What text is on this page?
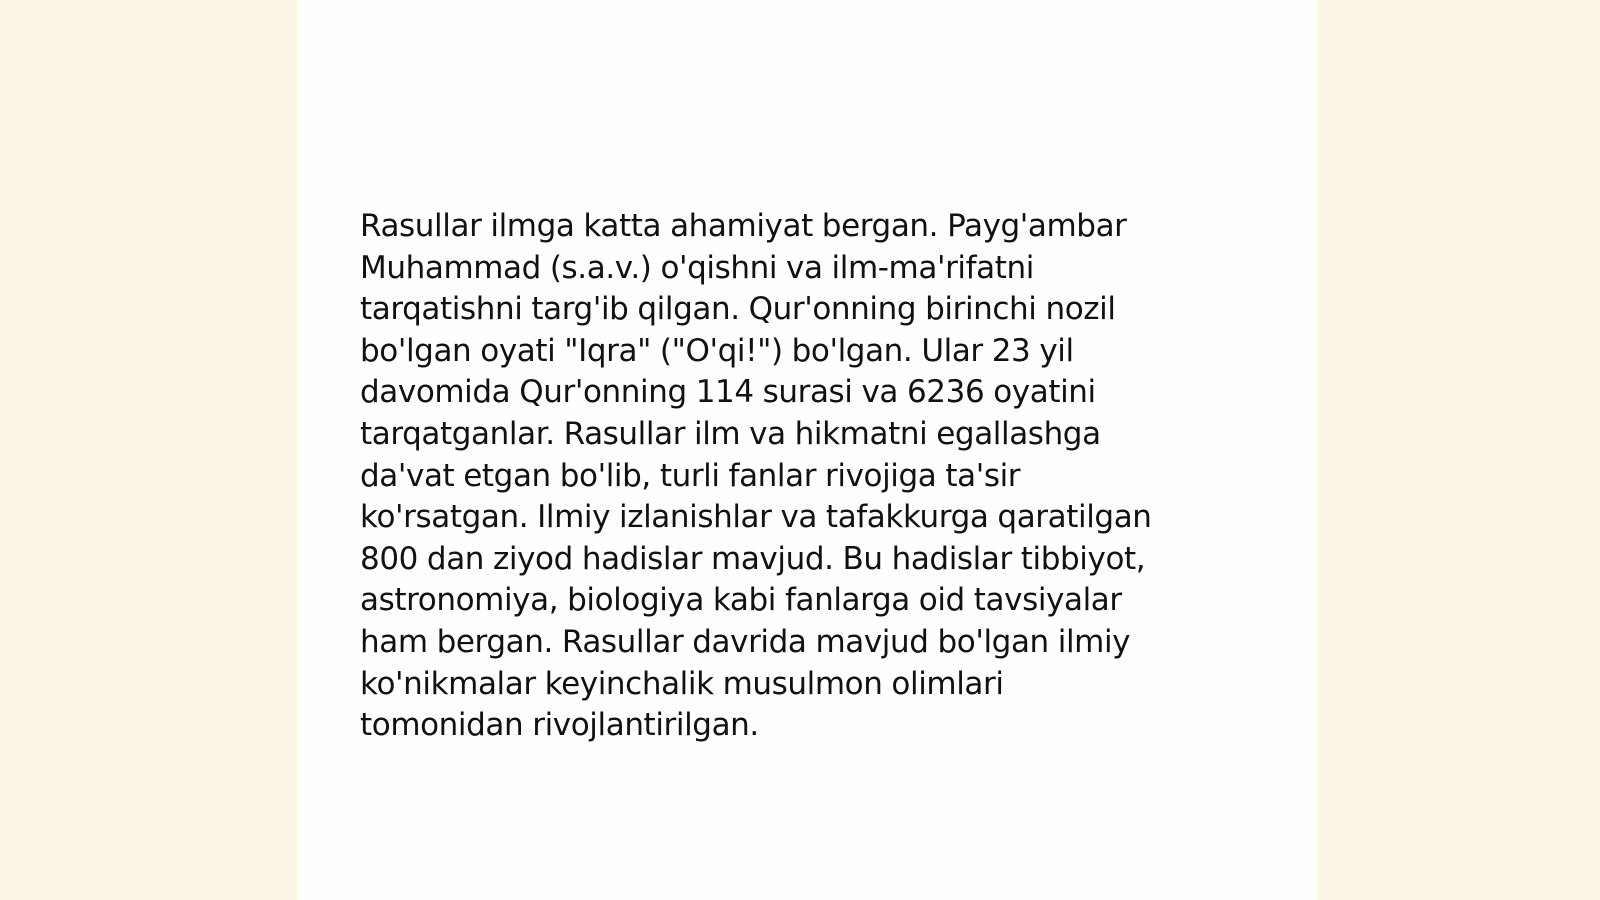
Rasullar ilmga katta ahamiyat bergan. Payg'ambar
Muhammad (s.a.v.) o'qishni va ilm-ma'rifatni
tarqatishni targ'ib qilgan. Qur'onning birinchi nozil
bo'lgan oyati "Iqra" ("O'qi!") bo'lgan. Ular 23 yil
davomida Qur'onning 114 surasi va 6236 oyatini
tarqatganlar. Rasullar ilm va hikmatni egallashga
da'vat etgan bo'lib, turli fanlar rivojiga ta'sir
ko'rsatgan. Ilmiy izlanishlar va tafakkurga qaratilgan
800 dan ziyod hadislar mavjud. Bu hadislar tibbiyot,
astronomiya, biologiya kabi fanlarga oid tavsiyalar
ham bergan. Rasullar davrida mavjud bo'lgan ilmiy
ko'nikmalar keyinchalik musulmon olimlari
tomonidan rivojlantirilgan.
